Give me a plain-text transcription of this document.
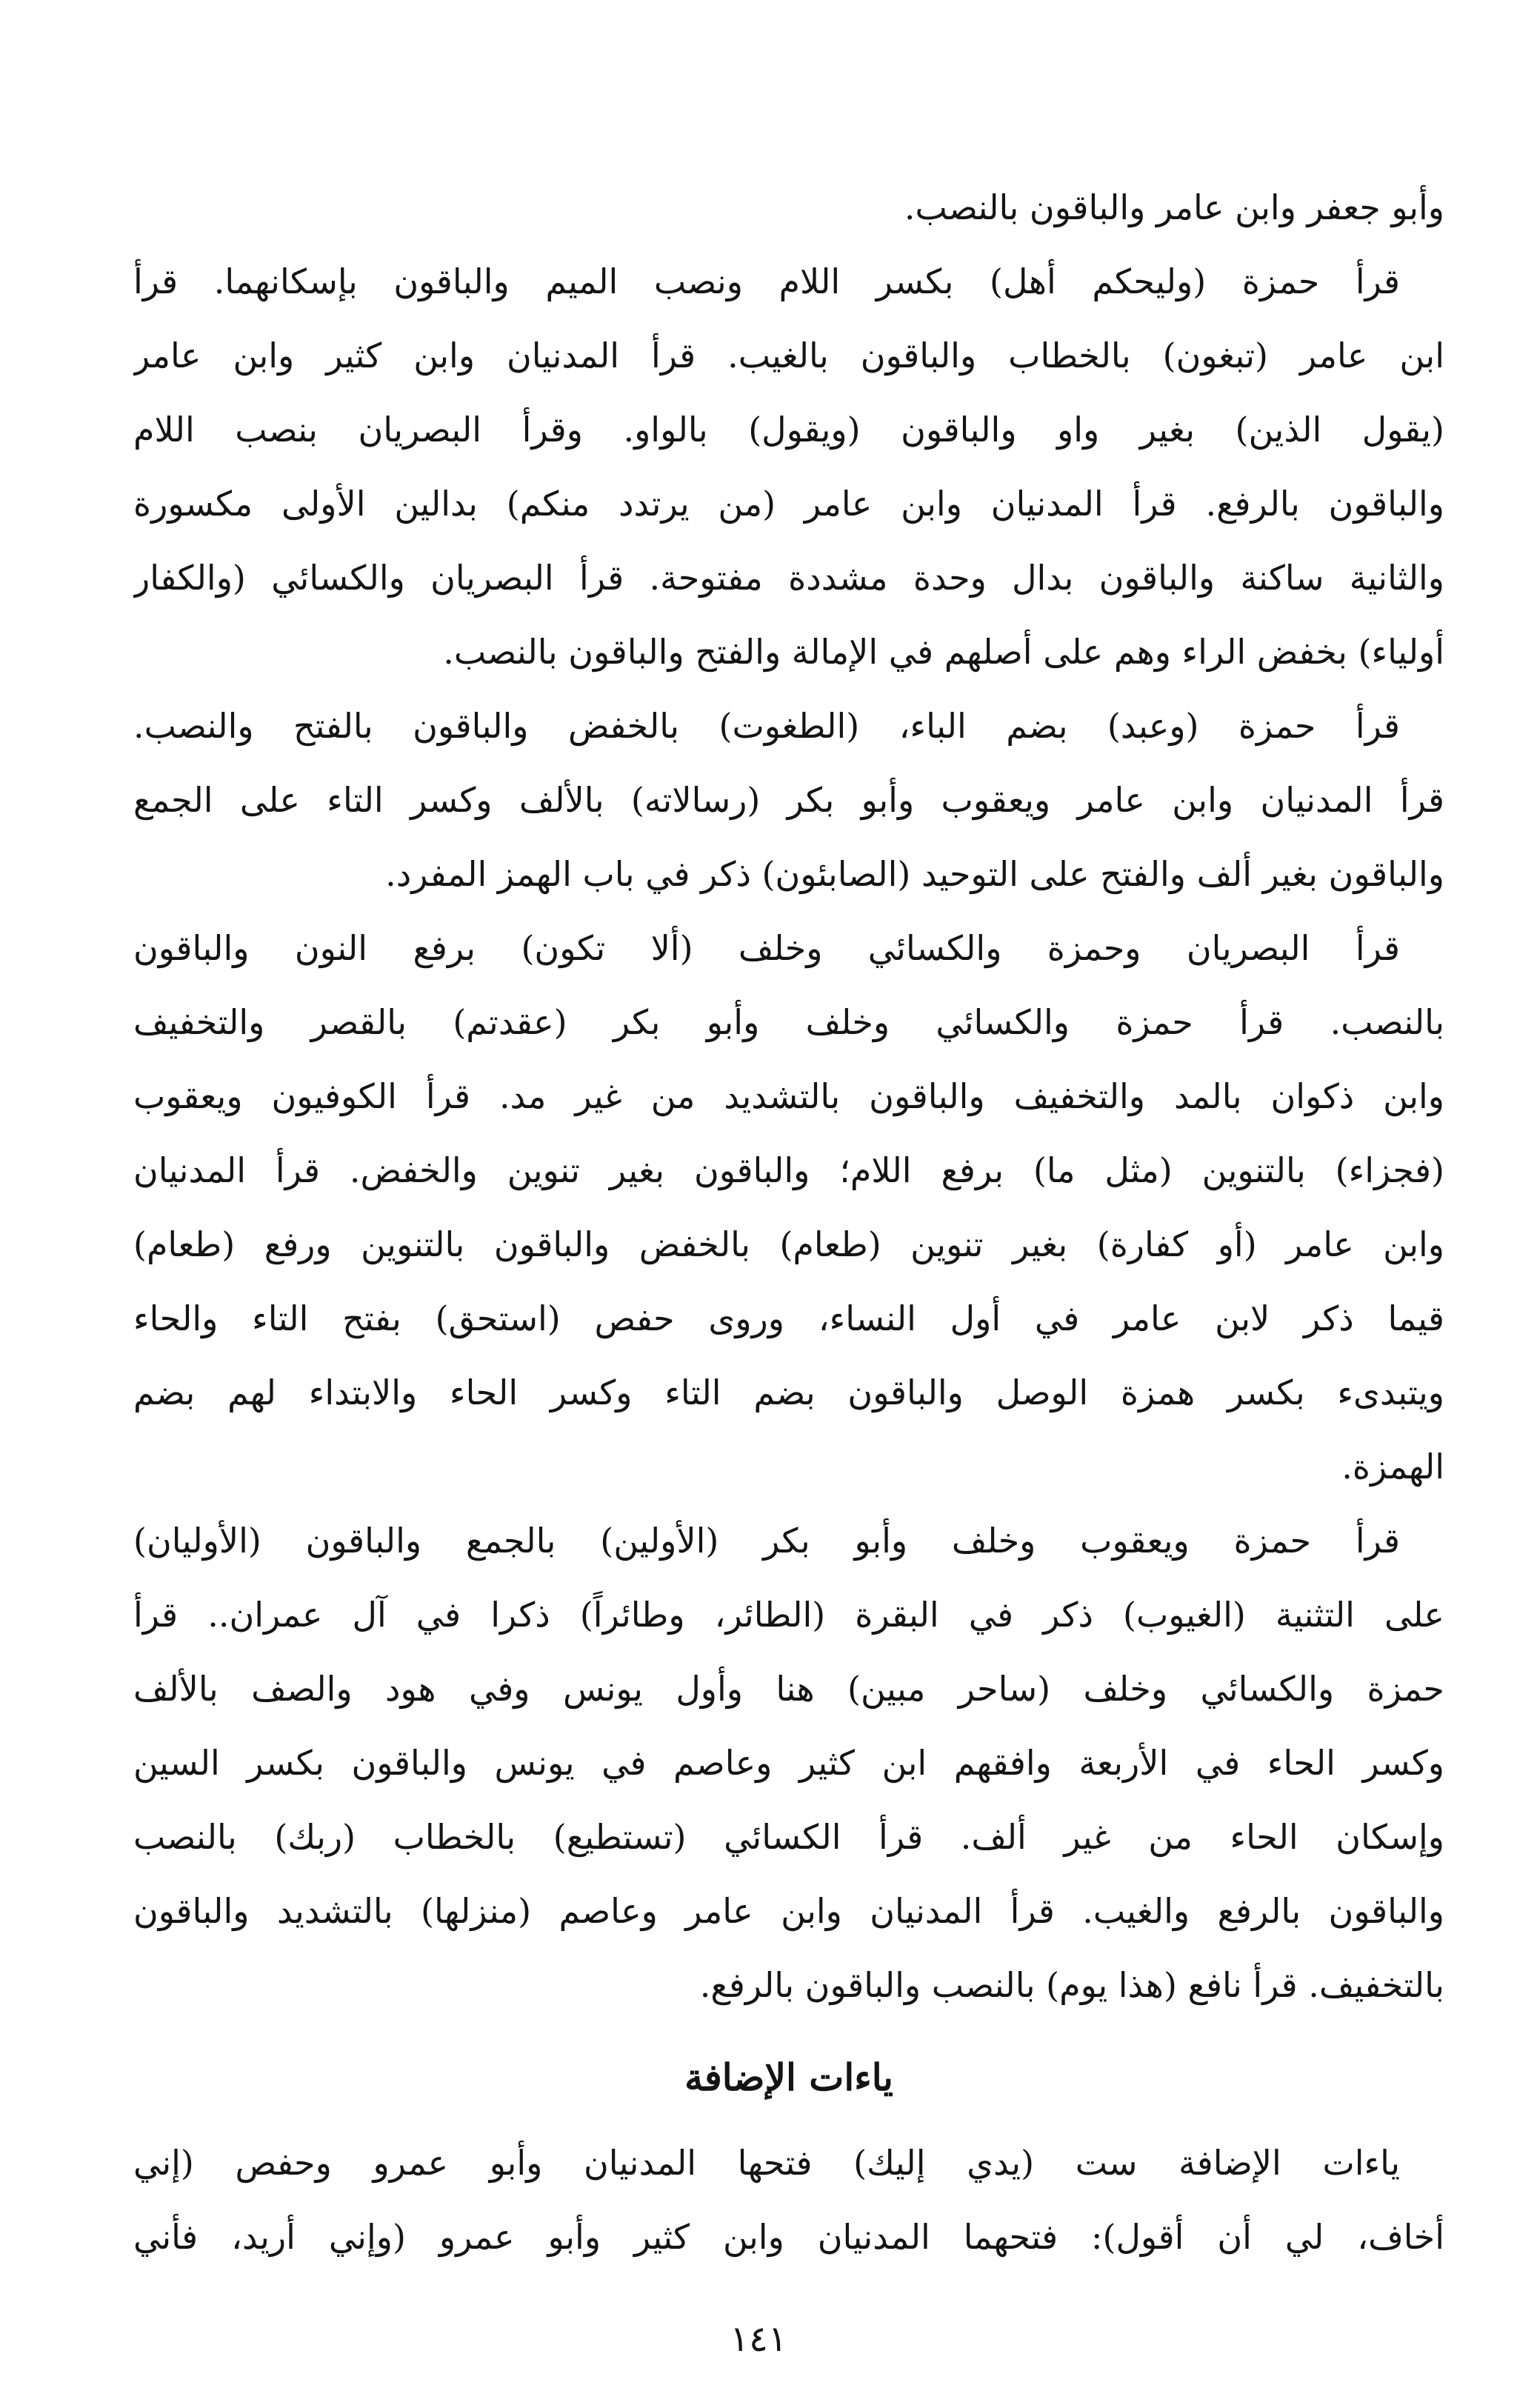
وأبو جعفر وابن عامر والباقون بالنصب.

قرأ حمزة (وليحكم أهل) بكسر اللام ونصب الميم والباقون بإسكانهما. قرأ
ابن عامر (تبغون) بالخطاب والباقون بالغيب. قرأ المدنيان وابن كثير وابن عامر
(يقول الذين) بغير واو والباقون (ويقول) بالواو. وقرأ البصريان بنصب اللام
والباقون بالرفع. قرأ المدنيان وابن عامر (من يرتدد منكم) بدالين الأولى مكسورة
والثانية ساكنة والباقون بدال وحدة مشددة مفتوحة. قرأ البصريان والكسائي (والكفار
أولياء) بخفض الراء وهم على أصلهم في الإمالة والفتح والباقون بالنصب.

قرأ حمزة (وعبد) بضم الباء، (الطغوت) بالخفض والباقون بالفتح والنصب.
قرأ المدنيان وابن عامر ويعقوب وأبو بكر (رسالاته) بالألف وكسر التاء على الجمع
والباقون بغير ألف والفتح على التوحيد (الصابئون) ذكر في باب الهمز المفرد.

قرأ البصريان وحمزة والكسائي وخلف (ألا تكون) برفع النون والباقون
بالنصب. قرأ حمزة والكسائي وخلف وأبو بكر (عقدتم) بالقصر والتخفيف
وابن ذكوان بالمد والتخفيف والباقون بالتشديد من غير مد. قرأ الكوفيون ويعقوب
(فجزاء) بالتنوين (مثل ما) برفع اللام؛ والباقون بغير تنوين والخفض. قرأ المدنيان
وابن عامر (أو كفارة) بغير تنوين (طعام) بالخفض والباقون بالتنوين ورفع (طعام)
قيما ذكر لابن عامر في أول النساء، وروى حفص (استحق) بفتح التاء والحاء
ويتبدىء بكسر همزة الوصل والباقون بضم التاء وكسر الحاء والابتداء لهم بضم
الهمزة.

قرأ حمزة ويعقوب وخلف وأبو بكر (الأولين) بالجمع والباقون (الأوليان)
على التثنية (الغيوب) ذكر في البقرة (الطائر، وطائراً) ذكرا في آل عمران.. قرأ
حمزة والكسائي وخلف (ساحر مبين) هنا وأول يونس وفي هود والصف بالألف
وكسر الحاء في الأربعة وافقهم ابن كثير وعاصم في يونس والباقون بكسر السين
وإسكان الحاء من غير ألف. قرأ الكسائي (تستطيع) بالخطاب (ربك) بالنصب
والباقون بالرفع والغيب. قرأ المدنيان وابن عامر وعاصم (منزلها) بالتشديد والباقون
بالتخفيف. قرأ نافع (هذا يوم) بالنصب والباقون بالرفع.

ياءات الإضافة

ياءات الإضافة ست (يدي إليك) فتحها المدنيان وأبو عمرو وحفص (إني
أخاف، لي أن أقول): فتحهما المدنيان وابن كثير وأبو عمرو (وإني أريد، فأني

١٤١
